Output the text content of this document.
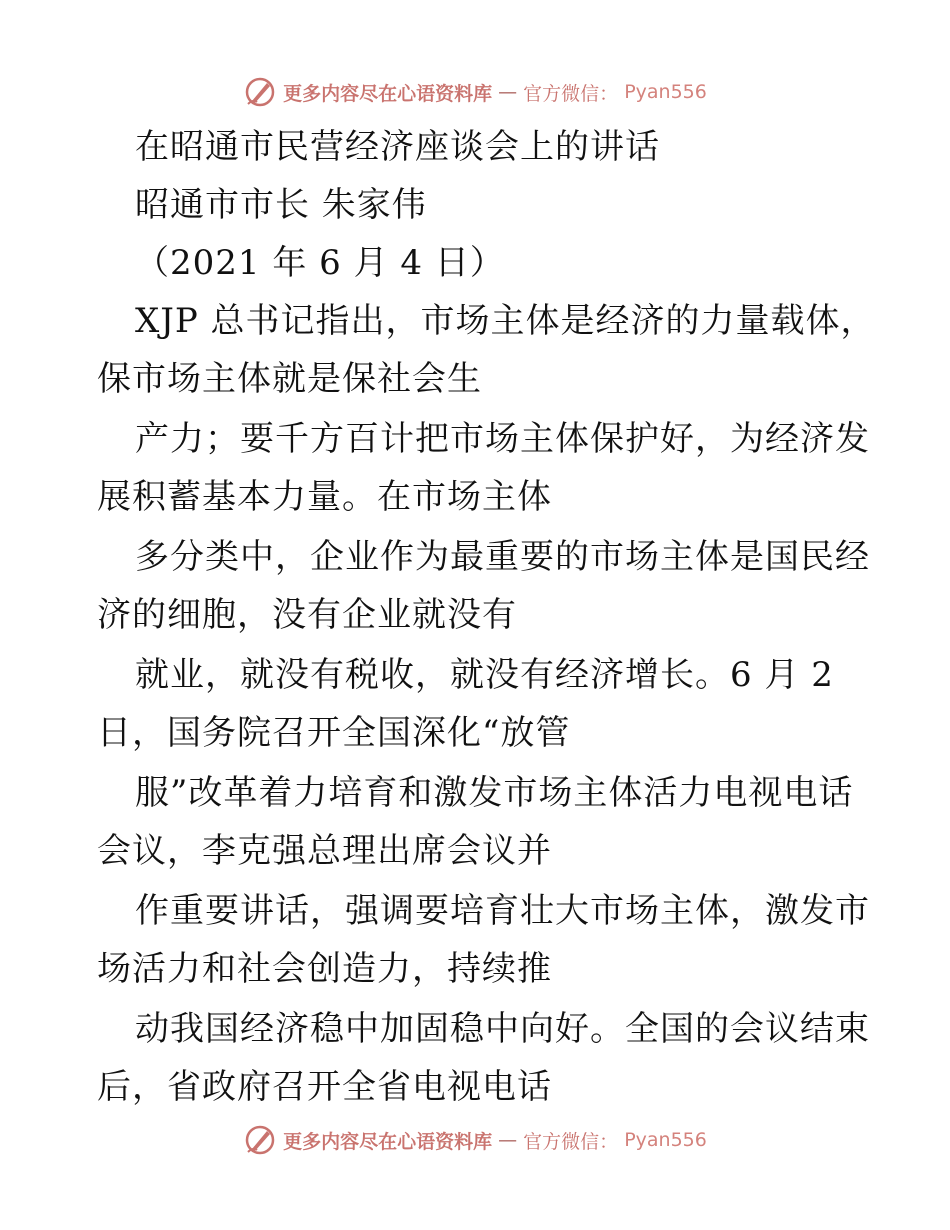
更多内容尽在心语资料库 — 官方微信： Pyan556
在昭通市民营经济座谈会上的讲话
昭通市市长 朱家伟
（2021 年 6 月 4 日）
XJP 总书记指出，市场主体是经济的力量载体，
保市场主体就是保社会生
产力；要千方百计把市场主体保护好，为经济发
展积蓄基本力量。在市场主体
多分类中，企业作为最重要的市场主体是国民经
济的细胞，没有企业就没有
就业，就没有税收，就没有经济增长。6 月 2
日，国务院召开全国深化“放管
服”改革着力培育和激发市场主体活力电视电话
会议，李克强总理出席会议并
作重要讲话，强调要培育壮大市场主体，激发市
场活力和社会创造力，持续推
动我国经济稳中加固稳中向好。全国的会议结束
后，省政府召开全省电视电话
更多内容尽在心语资料库 — 官方微信： Pyan556
